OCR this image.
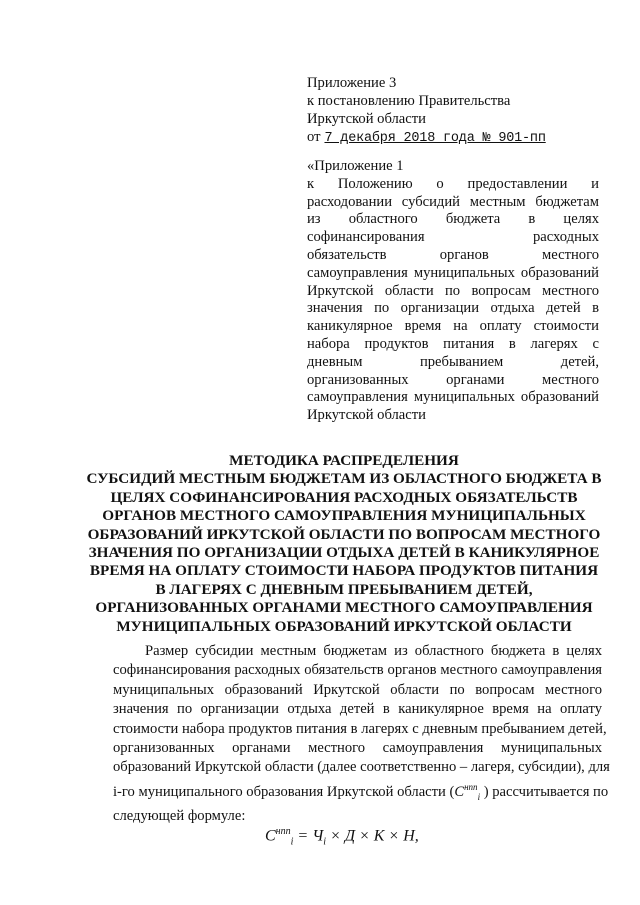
Приложение 3
к постановлению Правительства
Иркутской области
от 7 декабря 2018 года № 901-пп
«Приложение 1
к Положению о предоставлении и
расходовании субсидий местным бюджетам
из областного бюджета в целях
софинансирования расходных
обязательств органов местного
самоуправления муниципальных образований
Иркутской области по вопросам местного
значения по организации отдыха детей в
каникулярное время на оплату стоимости
набора продуктов питания в лагерях с
дневным пребыванием детей,
организованных органами местного
самоуправления муниципальных образований
Иркутской области
МЕТОДИКА РАСПРЕДЕЛЕНИЯ
СУБСИДИЙ МЕСТНЫМ БЮДЖЕТАМ ИЗ ОБЛАСТНОГО БЮДЖЕТА В
ЦЕЛЯХ СОФИНАНСИРОВАНИЯ РАСХОДНЫХ ОБЯЗАТЕЛЬСТВ
ОРГАНОВ МЕСТНОГО САМОУПРАВЛЕНИЯ МУНИЦИПАЛЬНЫХ
ОБРАЗОВАНИЙ ИРКУТСКОЙ ОБЛАСТИ ПО ВОПРОСАМ МЕСТНОГО
ЗНАЧЕНИЯ ПО ОРГАНИЗАЦИИ ОТДЫХА ДЕТЕЙ В КАНИКУЛЯРНОЕ
ВРЕМЯ НА ОПЛАТУ СТОИМОСТИ НАБОРА ПРОДУКТОВ ПИТАНИЯ
В ЛАГЕРЯХ С ДНЕВНЫМ ПРЕБЫВАНИЕМ ДЕТЕЙ,
ОРГАНИЗОВАННЫХ ОРГАНАМИ МЕСТНОГО САМОУПРАВЛЕНИЯ
МУНИЦИПАЛЬНЫХ ОБРАЗОВАНИЙ ИРКУТСКОЙ ОБЛАСТИ
Размер субсидии местным бюджетам из областного бюджета в целях
софинансирования расходных обязательств органов местного самоуправления
муниципальных образований Иркутской области по вопросам местного
значения по организации отдыха детей в каникулярное время на оплату
стоимости набора продуктов питания в лагерях с дневным пребыванием детей,
организованных органами местного самоуправления муниципальных
образований Иркутской области (далее соответственно – лагеря, субсидии), для
i-го муниципального образования Иркутской области ($C^{нпп}_i$ ) рассчитывается по
следующей формуле:
$C^{нпп}_i = Ч_i \times Д \times К \times Н$,
